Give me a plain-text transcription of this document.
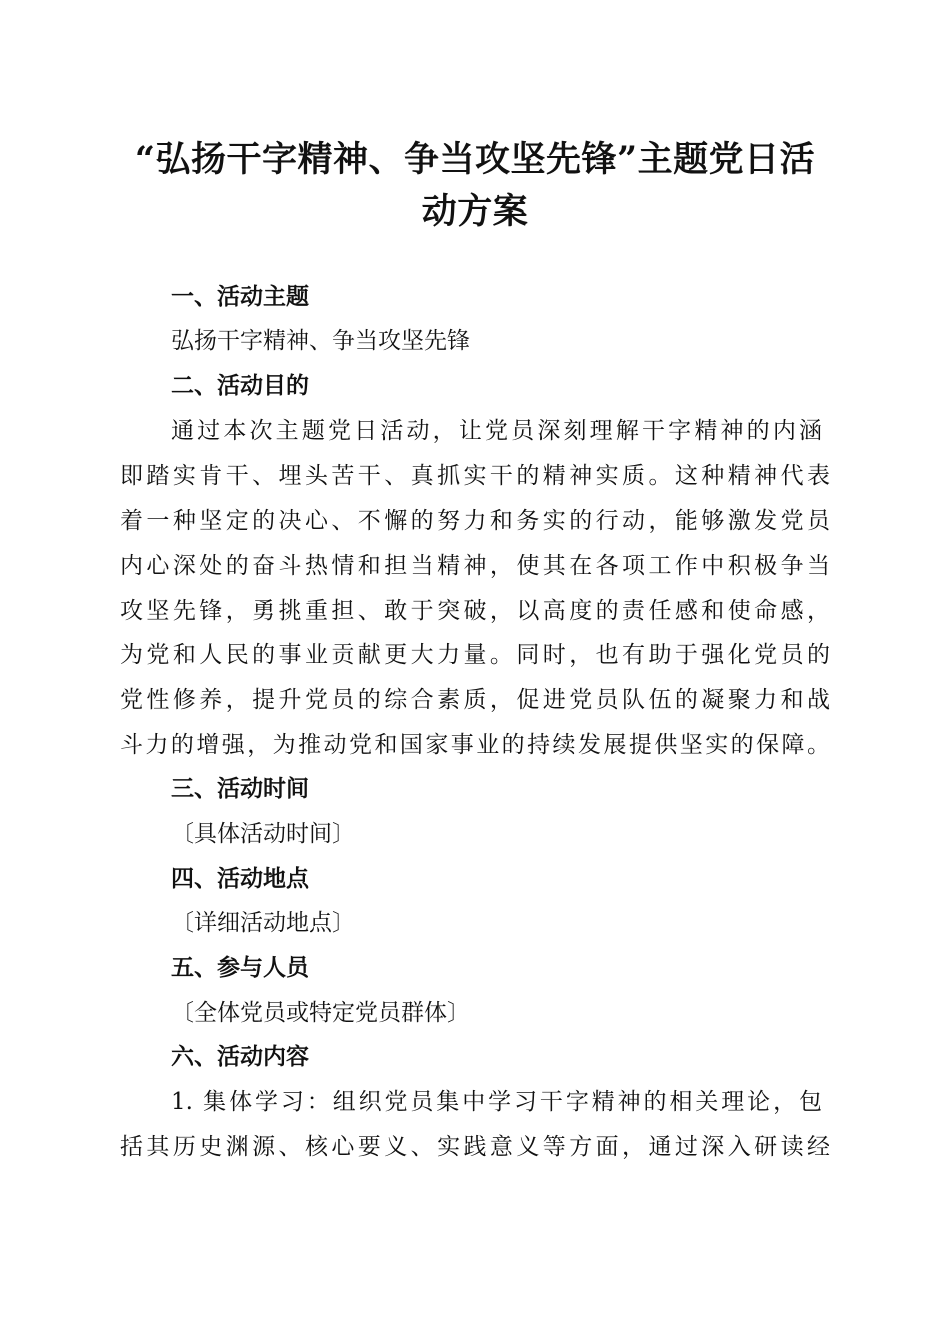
“弘扬干字精神、争当攻坚先锋”主题党日活
动方案
一、活动主题
弘扬干字精神、争当攻坚先锋
二、活动目的
通过本次主题党日活动，让党员深刻理解干字精神的内涵
即踏实肯干、埋头苦干、真抓实干的精神实质。这种精神代表
着一种坚定的决心、不懈的努力和务实的行动，能够激发党员
内心深处的奋斗热情和担当精神，使其在各项工作中积极争当
攻坚先锋，勇挑重担、敢于突破，以高度的责任感和使命感，
为党和人民的事业贡献更大力量。同时，也有助于强化党员的
党性修养，提升党员的综合素质，促进党员队伍的凝聚力和战
斗力的增强，为推动党和国家事业的持续发展提供坚实的保障。
三、活动时间
〔具体活动时间〕
四、活动地点
〔详细活动地点〕
五、参与人员
〔全体党员或特定党员群体〕
六、活动内容
1. 集体学习：组织党员集中学习干字精神的相关理论，包
括其历史渊源、核心要义、实践意义等方面，通过深入研读经
